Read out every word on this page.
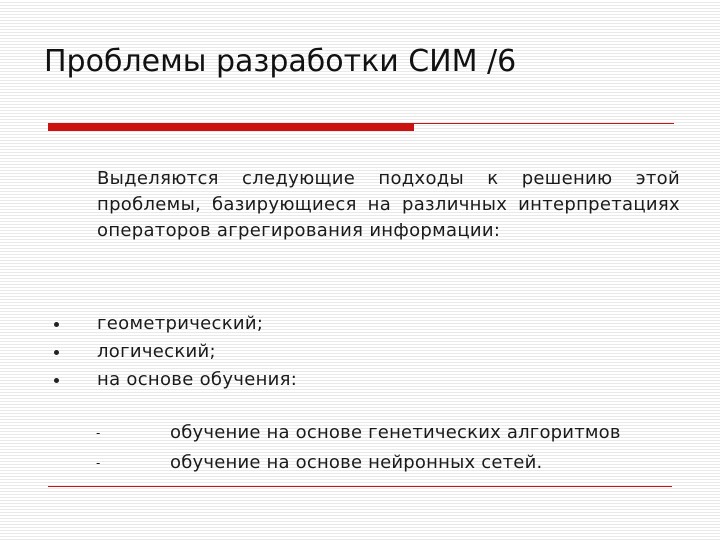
Проблемы разработки СИМ /6
Выделяются следующие подходы к решению этой проблемы, базирующиеся на различных интерпретациях операторов агрегирования информации:
геометрический;
логический;
на основе обучения:
-	обучение на основе генетических алгоритмов
-	обучение на основе нейронных сетей.
